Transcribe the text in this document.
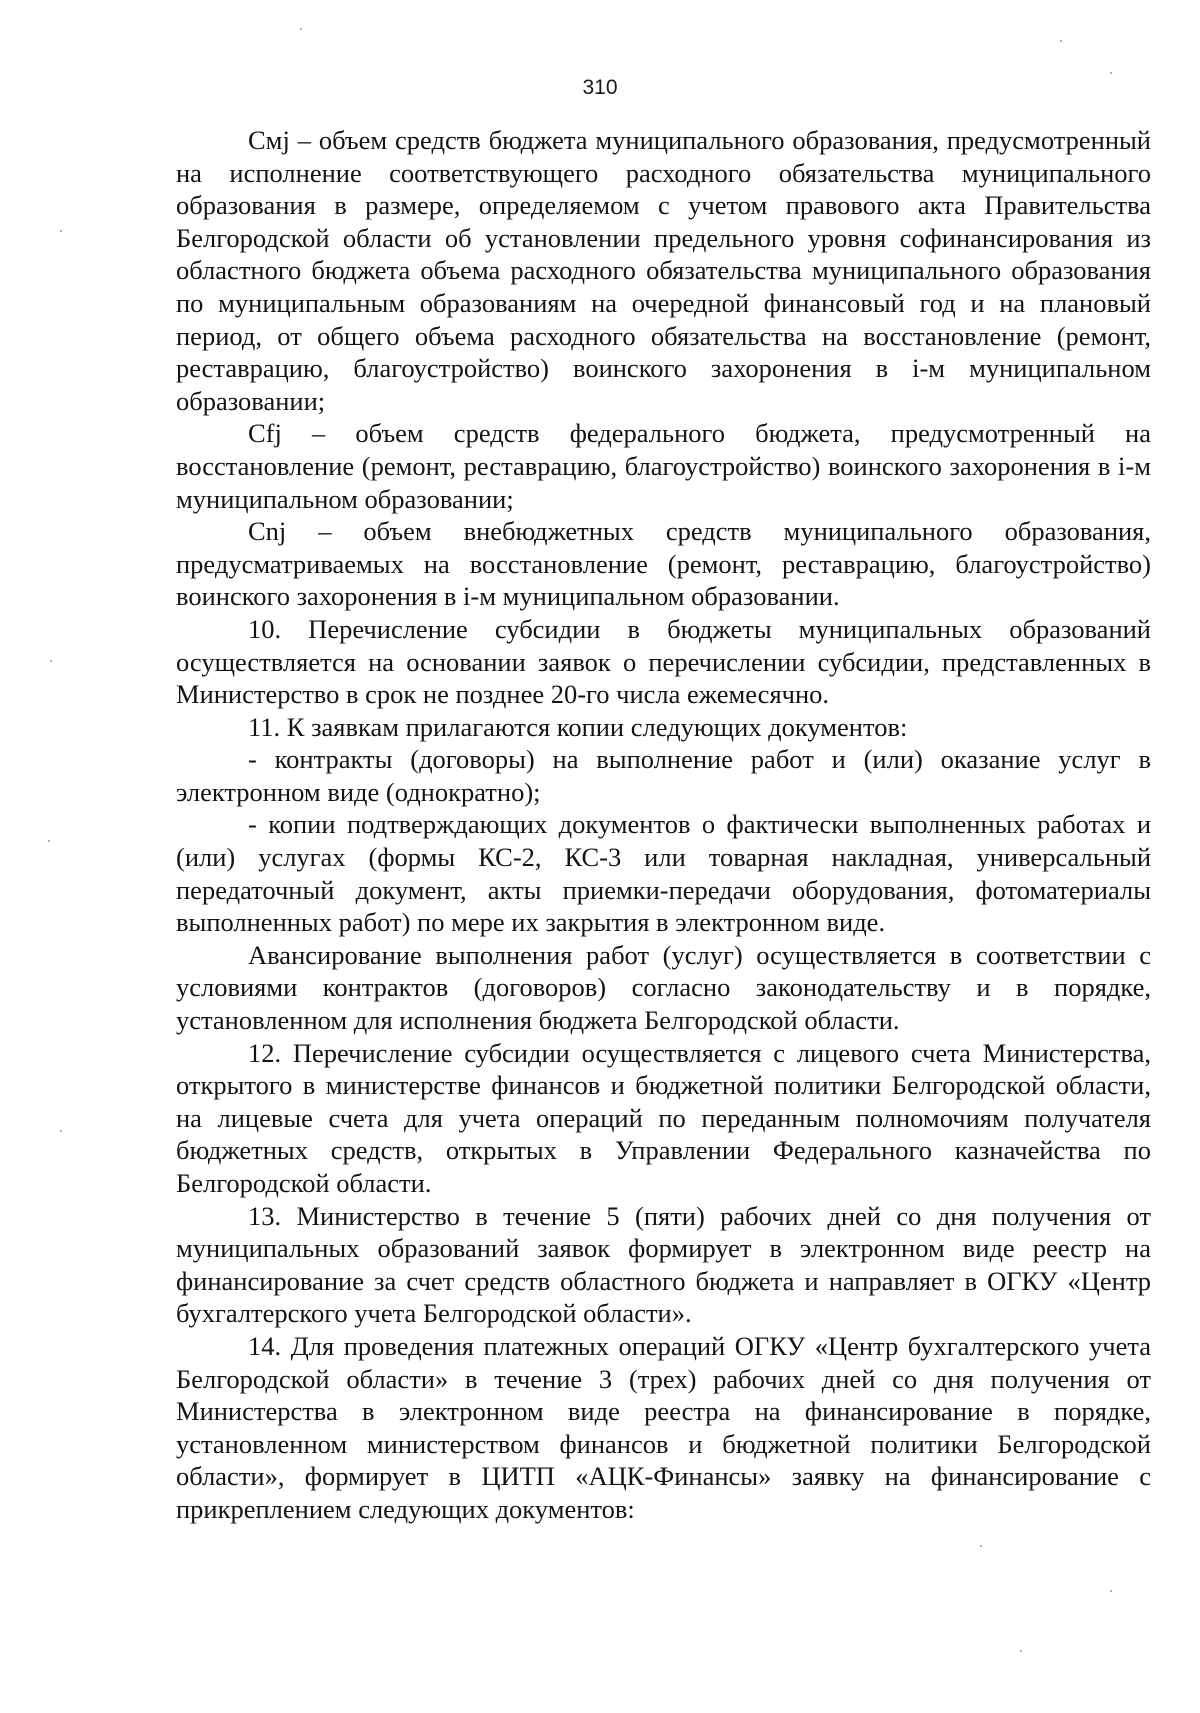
310

Cмj – объем средств бюджета муниципального образования, предусмотренный на исполнение соответствующего расходного обязательства муниципального образования в размере, определяемом с учетом правового акта Правительства Белгородской области об установлении предельного уровня софинансирования из областного бюджета объема расходного обязательства муниципального образования по муниципальным образованиям на очередной финансовый год и на плановый период, от общего объема расходного обязательства на восстановление (ремонт, реставрацию, благоустройство) воинского захоронения в i-м муниципальном образовании;

Cfj – объем средств федерального бюджета, предусмотренный на восстановление (ремонт, реставрацию, благоустройство) воинского захоронения в i-м муниципальном образовании;

Cnj – объем внебюджетных средств муниципального образования, предусматриваемых на восстановление (ремонт, реставрацию, благоустройство) воинского захоронения в i-м муниципальном образовании.

10. Перечисление субсидии в бюджеты муниципальных образований осуществляется на основании заявок о перечислении субсидии, представленных в Министерство в срок не позднее 20-го числа ежемесячно.

11. К заявкам прилагаются копии следующих документов:

- контракты (договоры) на выполнение работ и (или) оказание услуг в электронном виде (однократно);

- копии подтверждающих документов о фактически выполненных работах и (или) услугах (формы КС-2, КС-3 или товарная накладная, универсальный передаточный документ, акты приемки-передачи оборудования, фотоматериалы выполненных работ) по мере их закрытия в электронном виде.

Авансирование выполнения работ (услуг) осуществляется в соответствии с условиями контрактов (договоров) согласно законодательству и в порядке, установленном для исполнения бюджета Белгородской области.

12. Перечисление субсидии осуществляется с лицевого счета Министерства, открытого в министерстве финансов и бюджетной политики Белгородской области, на лицевые счета для учета операций по переданным полномочиям получателя бюджетных средств, открытых в Управлении Федерального казначейства по Белгородской области.

13. Министерство в течение 5 (пяти) рабочих дней со дня получения от муниципальных образований заявок формирует в электронном виде реестр на финансирование за счет средств областного бюджета и направляет в ОГКУ «Центр бухгалтерского учета Белгородской области».

14. Для проведения платежных операций ОГКУ «Центр бухгалтерского учета Белгородской области» в течение 3 (трех) рабочих дней со дня получения от Министерства в электронном виде реестра на финансирование в порядке, установленном министерством финансов и бюджетной политики Белгородской области», формирует в ЦИТП «АЦК-Финансы» заявку на финансирование с прикреплением следующих документов:
